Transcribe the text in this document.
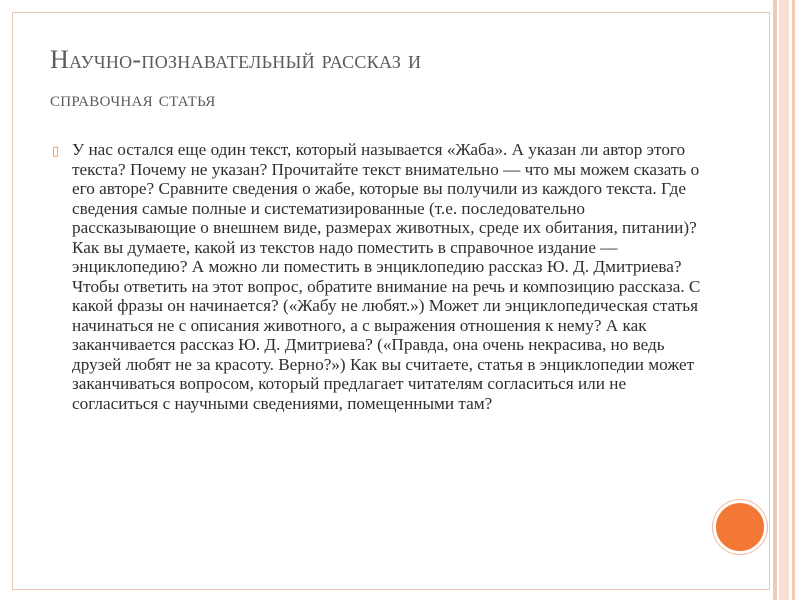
Научно-познавательный рассказ и
справочная статья
▯ У нас остался еще один текст, который называется «Жаба». А указан ли автор этого текста? Почему не указан? Прочитайте текст внимательно — что мы можем сказать о его авторе? Сравните сведения о жабе, которые вы получили из каждого текста. Где сведения самые полные и систематизированные (т.е. последовательно рассказывающие о внешнем виде, размерах животных, среде их обитания, питании)? Как вы думаете, какой из текстов надо поместить в справочное издание — энциклопедию? А можно ли поместить в энциклопедию рассказ Ю. Д. Дмитриева? Чтобы ответить на этот вопрос, обратите внимание на речь и композицию рассказа. С какой фразы он начинается? («Жабу не любят.») Может ли энциклопедическая статья начинаться не с описания животного, а с выражения отношения к нему? А как заканчивается рассказ Ю. Д. Дмитриева? («Правда, она очень некрасива, но ведь друзей любят не за красоту. Верно?») Как вы считаете, статья в энциклопедии может заканчиваться вопросом, который предлагает читателям согласиться или не согласиться с научными сведениями, помещенными там?
